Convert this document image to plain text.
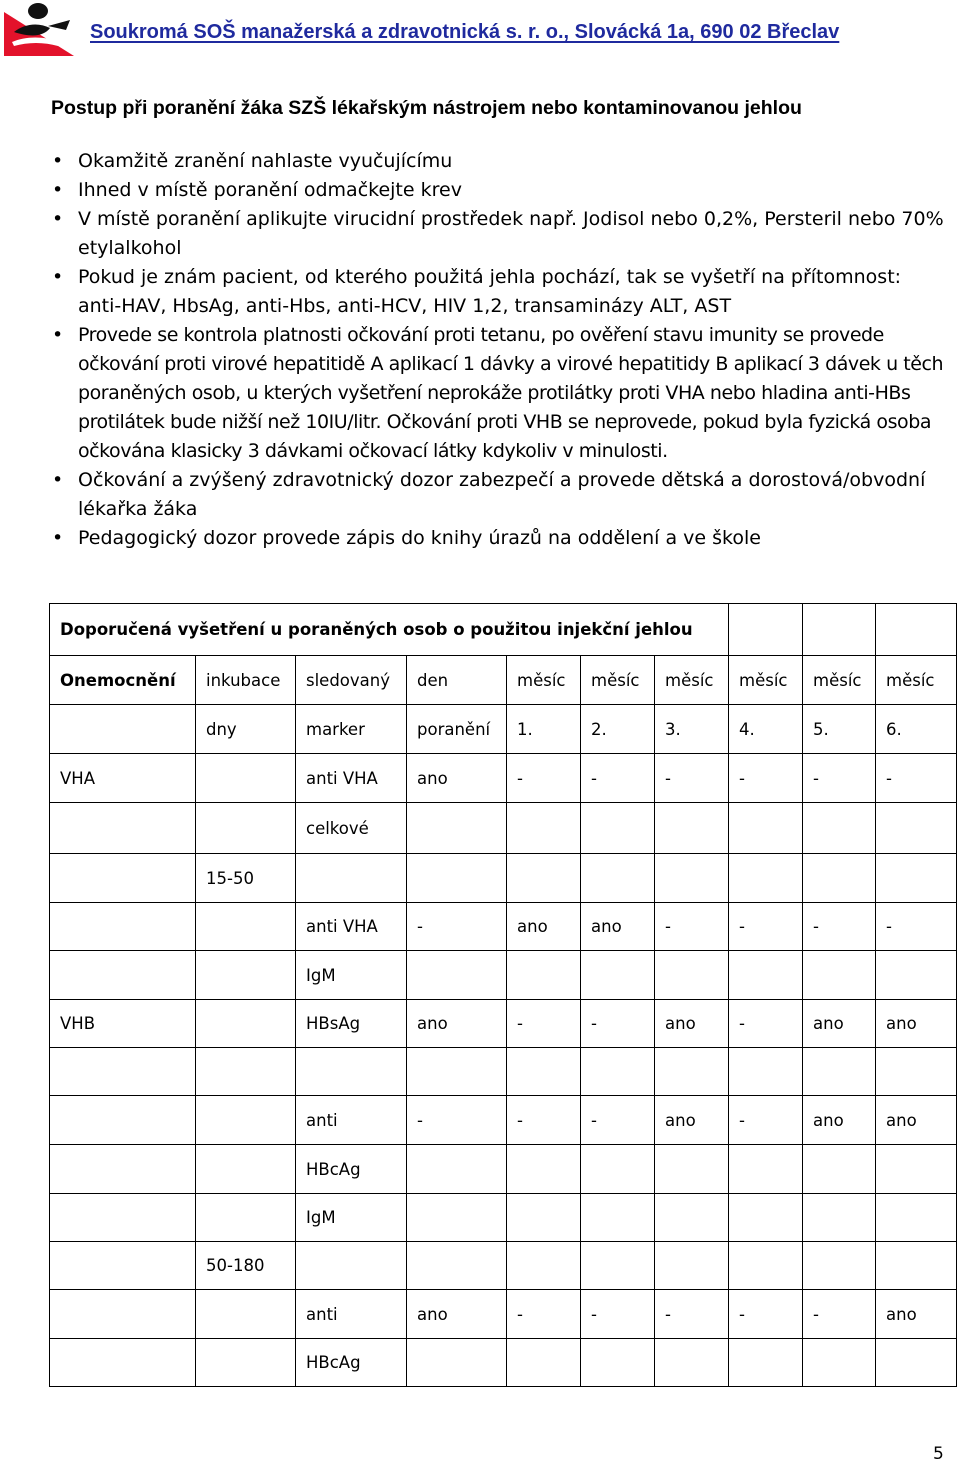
Soukromá SOŠ manažerská a zdravotnická s. r. o., Slovácká 1a, 690 02 Břeclav
Postup při poranění žáka SZŠ lékařským nástrojem nebo kontaminovanou jehlou
• Okamžitě zranění nahlaste vyučujícímu
• Ihned v místě poranění odmačkejte krev
• V místě poranění aplikujte virucidní prostředek např. Jodisol nebo 0,2%, Persteril nebo 70% etylalkohol
• Pokud je znám pacient, od kterého použitá jehla pochází, tak se vyšetří na přítomnost: anti-HAV, HbsAg, anti-Hbs, anti-HCV, HIV 1,2, transaminázy ALT, AST
• Provede se kontrola platnosti očkování proti tetanu, po ověření stavu imunity se provede očkování proti virové hepatitidě A aplikací 1 dávky a virové hepatitidy B aplikací 3 dávek u těch poraněných osob, u kterých vyšetření neprokáže protilátky proti VHA nebo hladina anti-HBs protilátek bude nižší než 10IU/litr. Očkování proti VHB se neprovede, pokud byla fyzická osoba očkována klasicky 3 dávkami očkovací látky kdykoliv v minulosti.
• Očkování a zvýšený zdravotnický dozor zabezpečí a provede dětská a dorostová/obvodní lékařka žáka
• Pedagogický dozor provede zápis do knihy úrazů na oddělení a ve škole
Doporučená vyšetření u poraněných osob o použitou injekční jehlou									
Onemocnění	inkubace	sledovaný	den	měsíc	měsíc	měsíc	měsíc	měsíc	měsíc
	dny	marker	poranění	1.	2.	3.	4.	5.	6.
VHA		anti VHA	ano	-	-	-	-	-	-
		celkové							
	15-50								
		anti VHA	-	ano	ano	-	-	-	-
		IgM							
VHB		HBsAg	ano	-	-	ano	-	ano	ano

		anti	-	-	-	ano	-	ano	ano
		HBcAg							
		IgM							
	50-180								
		anti	ano	-	-	-	-	-	ano
		HBcAg							
5
